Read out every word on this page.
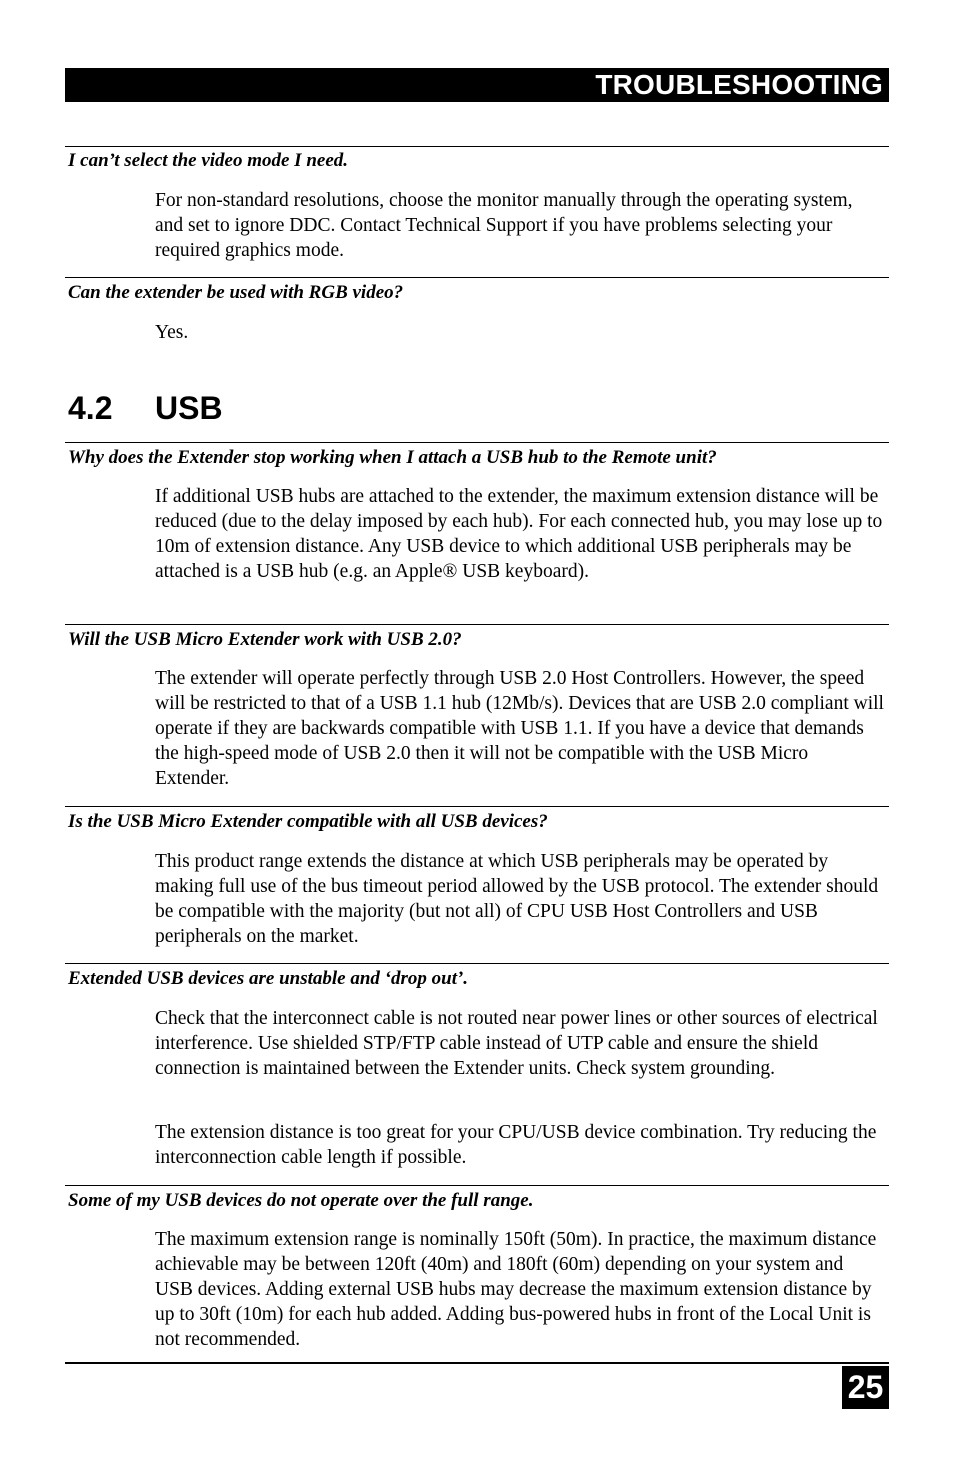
TROUBLESHOOTING
I can’t select the video mode I need.
For non-standard resolutions, choose the monitor manually through the operating system, and set to ignore DDC. Contact Technical Support if you have problems selecting your required graphics mode.
Can the extender be used with RGB video?
Yes.
4.2 USB
Why does the Extender stop working when I attach a USB hub to the Remote unit?
If additional USB hubs are attached to the extender, the maximum extension distance will be reduced (due to the delay imposed by each hub). For each connected hub, you may lose up to 10m of extension distance. Any USB device to which additional USB peripherals may be attached is a USB hub (e.g. an Apple® USB keyboard).
Will the USB Micro Extender work with USB 2.0?
The extender will operate perfectly through USB 2.0 Host Controllers. However, the speed will be restricted to that of a USB 1.1 hub (12Mb/s). Devices that are USB 2.0 compliant will operate if they are backwards compatible with USB 1.1. If you have a device that demands the high-speed mode of USB 2.0 then it will not be compatible with the USB Micro Extender.
Is the USB Micro Extender compatible with all USB devices?
This product range extends the distance at which USB peripherals may be operated by making full use of the bus timeout period allowed by the USB protocol. The extender should be compatible with the majority (but not all) of CPU USB Host Controllers and USB peripherals on the market.
Extended USB devices are unstable and ‘drop out’.
Check that the interconnect cable is not routed near power lines or other sources of electrical interference. Use shielded STP/FTP cable instead of UTP cable and ensure the shield connection is maintained between the Extender units. Check system grounding.
The extension distance is too great for your CPU/USB device combination. Try reducing the interconnection cable length if possible.
Some of my USB devices do not operate over the full range.
The maximum extension range is nominally 150ft (50m). In practice, the maximum distance achievable may be between 120ft (40m) and 180ft (60m) depending on your system and USB devices. Adding external USB hubs may decrease the maximum extension distance by up to 30ft (10m) for each hub added. Adding bus-powered hubs in front of the Local Unit is not recommended.
25
